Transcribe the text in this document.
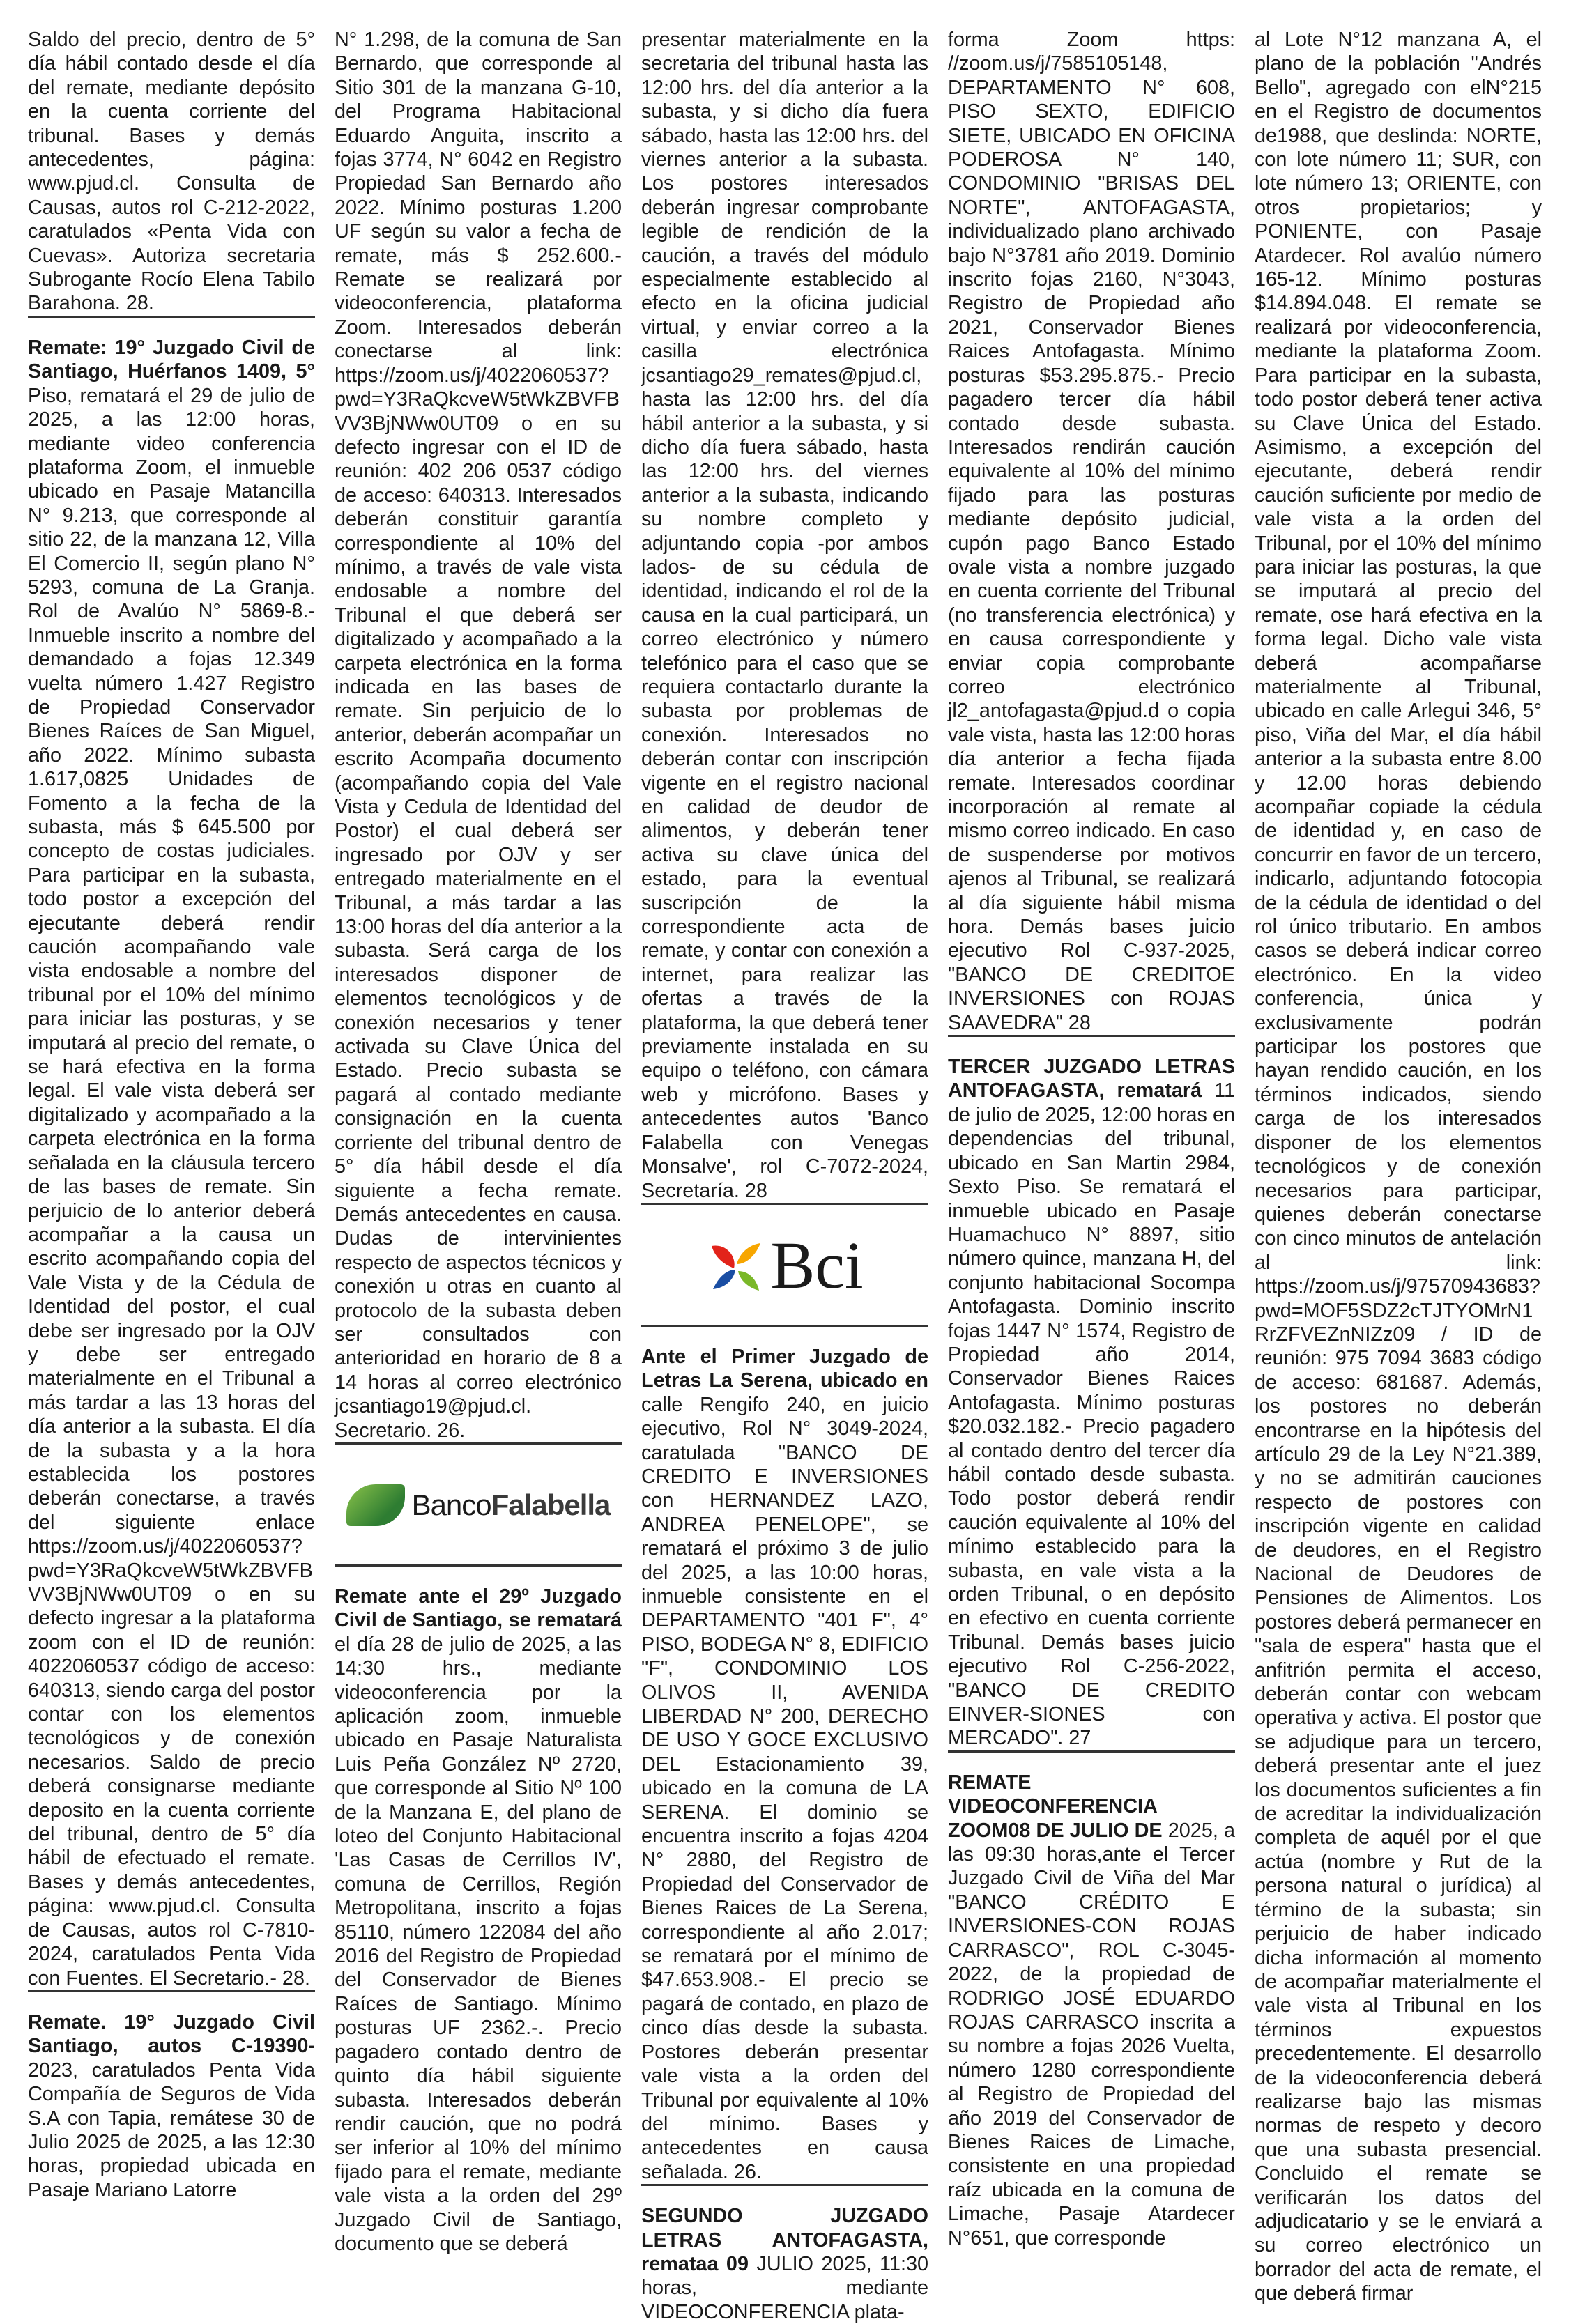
Saldo del precio, dentro de 5° día hábil contado desde el día del remate, mediante depósito en la cuenta corriente del tribunal. Bases y demás antecedentes, página: www.pjud.cl. Consulta de Causas, autos rol C-212-2022, caratulados «Penta Vida con Cuevas». Autoriza secretaria Subrogante Rocío Elena Tabilo Barahona. 28.

Remate: 19° Juzgado Civil de Santiago, Huérfanos 1409, 5° Piso, rematará el 29 de julio de 2025, a las 12:00 horas, mediante video conferencia plataforma Zoom, el inmueble ubicado en Pasaje Matancilla N° 9.213, que corresponde al sitio 22, de la manzana 12, Villa El Comercio II, según plano N° 5293, comuna de La Granja. Rol de Avalúo N° 5869-8.- Inmueble inscrito a nombre del demandado a fojas 12.349 vuelta número 1.427 Registro de Propiedad Conservador Bienes Raíces de San Miguel, año 2022. Mínimo subasta 1.617,0825 Unidades de Fomento a la fecha de la subasta, más $ 645.500 por concepto de costas judiciales. Para participar en la subasta, todo postor a excepción del ejecutante deberá rendir caución acompañando vale vista endosable a nombre del tribunal por el 10% del mínimo para iniciar las posturas, y se imputará al precio del remate, o se hará efectiva en la forma legal. El vale vista deberá ser digitalizado y acompañado a la carpeta electrónica en la forma señalada en la cláusula tercero de las bases de remate. Sin perjuicio de lo anterior deberá acompañar a la causa un escrito acompañando copia del Vale Vista y de la Cédula de Identidad del postor, el cual debe ser ingresado por la OJV y debe ser entregado materialmente en el Tribunal a más tardar a las 13 horas del día anterior a la subasta. El día de la subasta y a la hora establecida los postores deberán conectarse, a través del siguiente enlace https://zoom.us/j/4022060537?pwd=Y3RaQkcveW5tWkZBVFBVV3BjNWw0UT09 o en su defecto ingresar a la plataforma zoom con el ID de reunión: 4022060537 código de acceso: 640313, siendo carga del postor contar con los elementos tecnológicos y de conexión necesarios. Saldo de precio deberá consignarse mediante deposito en la cuenta corriente del tribunal, dentro de 5° día hábil de efectuado el remate. Bases y demás antecedentes, página: www.pjud.cl. Consulta de Causas, autos rol C-7810-2024, caratulados Penta Vida con Fuentes. El Secretario.- 28.

Remate. 19° Juzgado Civil Santiago, autos C-19390-2023, caratulados Penta Vida Compañía de Seguros de Vida S.A con Tapia, remátese 30 de Julio 2025 de 2025, a las 12:30 horas, propiedad ubicada en Pasaje Mariano Latorre

N° 1.298, de la comuna de San Bernardo, que corresponde al Sitio 301 de la manzana G-10, del Programa Habitacional Eduardo Anguita, inscrito a fojas 3774, N° 6042 en Registro Propiedad San Bernardo año 2022. Mínimo posturas 1.200 UF según su valor a fecha de remate, más $ 252.600.- Remate se realizará por videoconferencia, plataforma Zoom. Interesados deberán conectarse al link: https://zoom.us/j/4022060537?pwd=Y3RaQkcveW5tWkZBVFBVV3BjNWw0UT09 o en su defecto ingresar con el ID de reunión: 402 206 0537 código de acceso: 640313. Interesados deberán constituir garantía correspondiente al 10% del mínimo, a través de vale vista endosable a nombre del Tribunal el que deberá ser digitalizado y acompañado a la carpeta electrónica en la forma indicada en las bases de remate. Sin perjuicio de lo anterior, deberán acompañar un escrito Acompaña documento (acompañando copia del Vale Vista y Cedula de Identidad del Postor) el cual deberá ser ingresado por OJV y ser entregado materialmente en el Tribunal, a más tardar a las 13:00 horas del día anterior a la subasta. Será carga de los interesados disponer de elementos tecnológicos y de conexión necesarios y tener activada su Clave Única del Estado. Precio subasta se pagará al contado mediante consignación en la cuenta corriente del tribunal dentro de 5° día hábil desde el día siguiente a fecha remate. Demás antecedentes en causa. Dudas de intervinientes respecto de aspectos técnicos y conexión u otras en cuanto al protocolo de la subasta deben ser consultados con anterioridad en horario de 8 a 14 horas al correo electrónico jcsantiago19@pjud.cl. Secretario. 26.

BancoFalabella

Remate ante el 29º Juzgado Civil de Santiago, se rematará el día 28 de julio de 2025, a las 14:30 hrs., mediante videoconferencia por la aplicación zoom, inmueble ubicado en Pasaje Naturalista Luis Peña González Nº 2720, que corresponde al Sitio Nº 100 de la Manzana E, del plano de loteo del Conjunto Habitacional 'Las Casas de Cerrillos IV', comuna de Cerrillos, Región Metropolitana, inscrito a fojas 85110, número 122084 del año 2016 del Registro de Propiedad del Conservador de Bienes Raíces de Santiago. Mínimo posturas UF 2362.-. Precio pagadero contado dentro de quinto día hábil siguiente subasta. Interesados deberán rendir caución, que no podrá ser inferior al 10% del mínimo fijado para el remate, mediante vale vista a la orden del 29º Juzgado Civil de Santiago, documento que se deberá

presentar materialmente en la secretaria del tribunal hasta las 12:00 hrs. del día anterior a la subasta, y si dicho día fuera sábado, hasta las 12:00 hrs. del viernes anterior a la subasta. Los postores interesados deberán ingresar comprobante legible de rendición de la caución, a través del módulo especialmente establecido al efecto en la oficina judicial virtual, y enviar correo a la casilla electrónica jcsantiago29_remates@pjud.cl, hasta las 12:00 hrs. del día hábil anterior a la subasta, y si dicho día fuera sábado, hasta las 12:00 hrs. del viernes anterior a la subasta, indicando su nombre completo y adjuntando copia -por ambos lados- de su cédula de identidad, indicando el rol de la causa en la cual participará, un correo electrónico y número telefónico para el caso que se requiera contactarlo durante la subasta por problemas de conexión. Interesados no deberán contar con inscripción vigente en el registro nacional en calidad de deudor de alimentos, y deberán tener activa su clave única del estado, para la eventual suscripción de la correspondiente acta de remate, y contar con conexión a internet, para realizar las ofertas a través de la plataforma, la que deberá tener previamente instalada en su equipo o teléfono, con cámara web y micrófono. Bases y antecedentes autos 'Banco Falabella con Venegas Monsalve', rol C-7072-2024, Secretaría. 28

Bci

Ante el Primer Juzgado de Letras La Serena, ubicado en calle Rengifo 240, en juicio ejecutivo, Rol N° 3049-2024, caratulada "BANCO DE CREDITO E INVERSIONES con HERNANDEZ LAZO, ANDREA PENELOPE", se rematará el próximo 3 de julio del 2025, a las 10:00 horas, inmueble consistente en el DEPARTAMENTO "401 F", 4° PISO, BODEGA N° 8, EDIFICIO "F", CONDOMINIO LOS OLIVOS II, AVENIDA LIBERDAD N° 200, DERECHO DE USO Y GOCE EXCLUSIVO DEL Estacionamiento 39, ubicado en la comuna de LA SERENA. El dominio se encuentra inscrito a fojas 4204 N° 2880, del Registro de Propiedad del Conservador de Bienes Raices de La Serena, correspondiente al año 2.017; se rematará por el mínimo de $47.653.908.- El precio se pagará de contado, en plazo de cinco días desde la subasta. Postores deberán presentar vale vista a la orden del Tribunal por equivalente al 10% del mínimo. Bases y antecedentes en causa señalada. 26.

SEGUNDO JUZGADO LETRAS ANTOFAGASTA, remataa 09 JULIO 2025, 11:30 horas, mediante VIDEOCONFERENCIA plata-

forma Zoom https: //zoom.us/j/7585105148, DEPARTAMENTO N° 608, PISO SEXTO, EDIFICIO SIETE, UBICADO EN OFICINA PODEROSA N° 140, CONDOMINIO "BRISAS DEL NORTE", ANTOFAGASTA, individualizado plano archivado bajo N°3781 año 2019. Dominio inscrito fojas 2160, N°3043, Registro de Propiedad año 2021, Conservador Bienes Raices Antofagasta. Mínimo posturas $53.295.875.- Precio pagadero tercer día hábil contado desde subasta. Interesados rendirán caución equivalente al 10% del mínimo fijado para las posturas mediante depósito judicial, cupón pago Banco Estado ovale vista a nombre juzgado en cuenta corriente del Tribunal (no transferencia electrónica) y en causa correspondiente y enviar copia comprobante correo electrónico jl2_antofagasta@pjud.d o copia vale vista, hasta las 12:00 horas día anterior a fecha fijada remate. Interesados coordinar incorporación al remate al mismo correo indicado. En caso de suspenderse por motivos ajenos al Tribunal, se realizará al día siguiente hábil misma hora. Demás bases juicio ejecutivo Rol C-937-2025, "BANCO DE CREDITOE INVERSIONES con ROJAS SAAVEDRA" 28

TERCER JUZGADO LETRAS ANTOFAGASTA, rematará 11 de julio de 2025, 12:00 horas en dependencias del tribunal, ubicado en San Martin 2984, Sexto Piso. Se rematará el inmueble ubicado en Pasaje Huamachuco N° 8897, sitio número quince, manzana H, del conjunto habitacional Socompa Antofagasta. Dominio inscrito fojas 1447 N° 1574, Registro de Propiedad año 2014, Conservador Bienes Raices Antofagasta. Mínimo posturas $20.032.182.- Precio pagadero al contado dentro del tercer día hábil contado desde subasta. Todo postor deberá rendir caución equivalente al 10% del mínimo establecido para la subasta, en vale vista a la orden Tribunal, o en depósito en efectivo en cuenta corriente Tribunal. Demás bases juicio ejecutivo Rol C-256-2022, "BANCO DE CREDITO EINVER-SIONES con MERCADO". 27

REMATE VIDEOCONFERENCIA ZOOM08 DE JULIO DE 2025, a las 09:30 horas,ante el Tercer Juzgado Civil de Viña del Mar "BANCO CRÉDITO E INVERSIONES-CON ROJAS CARRASCO", ROL C-3045-2022, de la propiedad de RODRIGO JOSÉ EDUARDO ROJAS CARRASCO inscrita a su nombre a fojas 2026 Vuelta, número 1280 correspondiente al Registro de Propiedad del año 2019 del Conservador de Bienes Raices de Limache, consistente en una propiedad raíz ubicada en la comuna de Limache, Pasaje Atardecer N°651, que corresponde

al Lote N°12 manzana A, el plano de la población "Andrés Bello", agregado con elN°215 en el Registro de documentos de1988, que deslinda: NORTE, con lote número 11; SUR, con lote número 13; ORIENTE, con otros propietarios; y PONIENTE, con Pasaje Atardecer. Rol avalúo número 165-12. Mínimo posturas $14.894.048. El remate se realizará por videoconferencia, mediante la plataforma Zoom. Para participar en la subasta, todo postor deberá tener activa su Clave Única del Estado. Asimismo, a excepción del ejecutante, deberá rendir caución suficiente por medio de vale vista a la orden del Tribunal, por el 10% del mínimo para iniciar las posturas, la que se imputará al precio del remate, ose hará efectiva en la forma legal. Dicho vale vista deberá acompañarse materialmente al Tribunal, ubicado en calle Arlegui 346, 5° piso, Viña del Mar, el día hábil anterior a la subasta entre 8.00 y 12.00 horas debiendo acompañar copiade la cédula de identidad y, en caso de concurrir en favor de un tercero, indicarlo, adjuntando fotocopia de la cédula de identidad o del rol único tributario. En ambos casos se deberá indicar correo electrónico. En la video conferencia, única y exclusivamente podrán participar los postores que hayan rendido caución, en los términos indicados, siendo carga de los interesados disponer de los elementos tecnológicos y de conexión necesarios para participar, quienes deberán conectarse con cinco minutos de antelación al link: https://zoom.us/j/97570943683?pwd=MOF5SDZ2cTJTYOMrN1RrZFVEZnNIZz09 / ID de reunión: 975 7094 3683 código de acceso: 681687. Además, los postores no deberán encontrarse en la hipótesis del artículo 29 de la Ley N°21.389, y no se admitirán cauciones respecto de postores con inscripción vigente en calidad de deudores, en el Registro Nacional de Deudores de Pensiones de Alimentos. Los postores deberá permanecer en "sala de espera" hasta que el anfitrión permita el acceso, deberán contar con webcam operativa y activa. El postor que se adjudique para un tercero, deberá presentar ante el juez los documentos suficientes a fin de acreditar la individualización completa de aquél por el que actúa (nombre y Rut de la persona natural o jurídica) al término de la subasta; sin perjuicio de haber indicado dicha información al momento de acompañar materialmente el vale vista al Tribunal en los términos expuestos precedentemente. El desarrollo de la videoconferencia deberá realizarse bajo las mismas normas de respeto y decoro que una subasta presencial. Concluido el remate se verificarán los datos del adjudicatario y se le enviará a su correo electrónico un borrador del acta de remate, el que deberá firmar
